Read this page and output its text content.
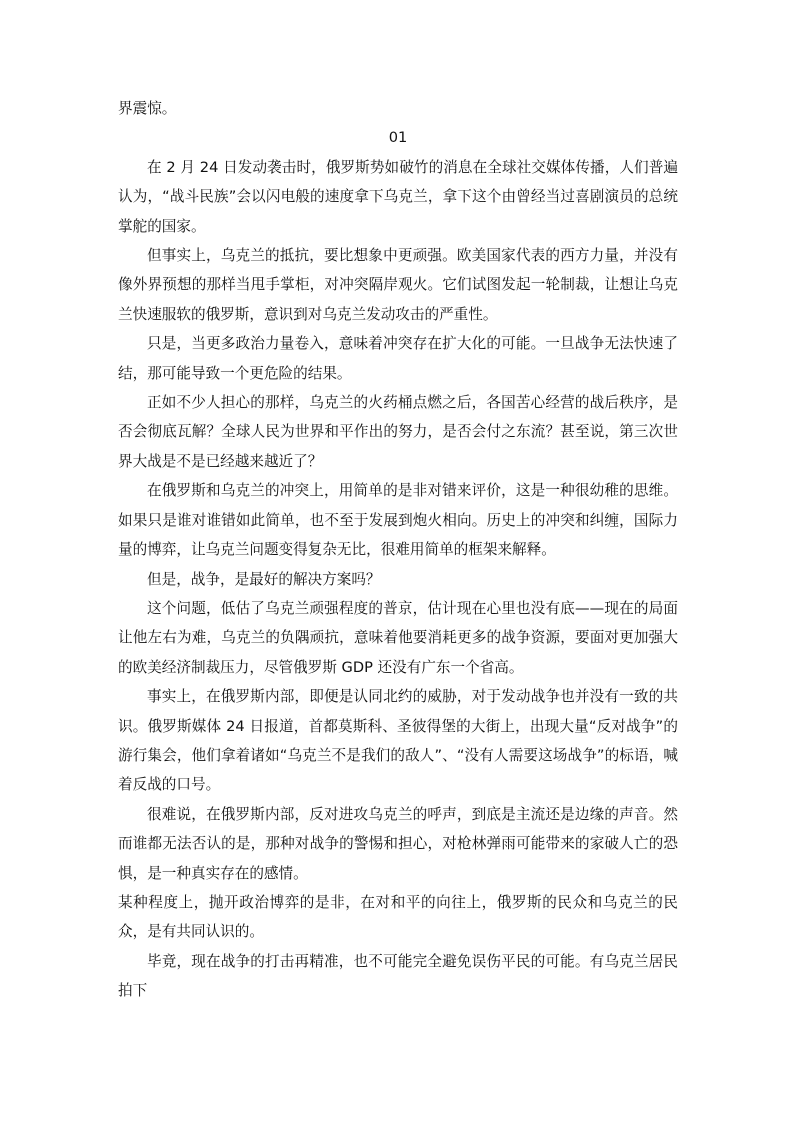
界震惊。

01

在 2 月 24 日发动袭击时，俄罗斯势如破竹的消息在全球社交媒体传播，人们普遍认为，“战斗民族”会以闪电般的速度拿下乌克兰，拿下这个由曾经当过喜剧演员的总统掌舵的国家。

但事实上，乌克兰的抵抗，要比想象中更顽强。欧美国家代表的西方力量，并没有像外界预想的那样当甩手掌柜，对冲突隔岸观火。它们试图发起一轮制裁，让想让乌克兰快速服软的俄罗斯，意识到对乌克兰发动攻击的严重性。

只是，当更多政治力量卷入，意味着冲突存在扩大化的可能。一旦战争无法快速了结，那可能导致一个更危险的结果。

正如不少人担心的那样，乌克兰的火药桶点燃之后，各国苦心经营的战后秩序，是否会彻底瓦解？全球人民为世界和平作出的努力，是否会付之东流？甚至说，第三次世界大战是不是已经越来越近了？

在俄罗斯和乌克兰的冲突上，用简单的是非对错来评价，这是一种很幼稚的思维。如果只是谁对谁错如此简单，也不至于发展到炮火相向。历史上的冲突和纠缠，国际力量的博弈，让乌克兰问题变得复杂无比，很难用简单的框架来解释。

但是，战争，是最好的解决方案吗？

这个问题，低估了乌克兰顽强程度的普京，估计现在心里也没有底——现在的局面让他左右为难，乌克兰的负隅顽抗，意味着他要消耗更多的战争资源，要面对更加强大的欧美经济制裁压力，尽管俄罗斯 GDP 还没有广东一个省高。

事实上，在俄罗斯内部，即便是认同北约的威胁，对于发动战争也并没有一致的共识。俄罗斯媒体 24 日报道，首都莫斯科、圣彼得堡的大街上，出现大量“反对战争”的游行集会，他们拿着诸如“乌克兰不是我们的敌人”、“没有人需要这场战争”的标语，喊着反战的口号。

很难说，在俄罗斯内部，反对进攻乌克兰的呼声，到底是主流还是边缘的声音。然而谁都无法否认的是，那种对战争的警惕和担心，对枪林弹雨可能带来的家破人亡的恐惧，是一种真实存在的感情。

某种程度上，抛开政治博弈的是非，在对和平的向往上，俄罗斯的民众和乌克兰的民众，是有共同认识的。

毕竟，现在战争的打击再精准，也不可能完全避免误伤平民的可能。有乌克兰居民拍下
